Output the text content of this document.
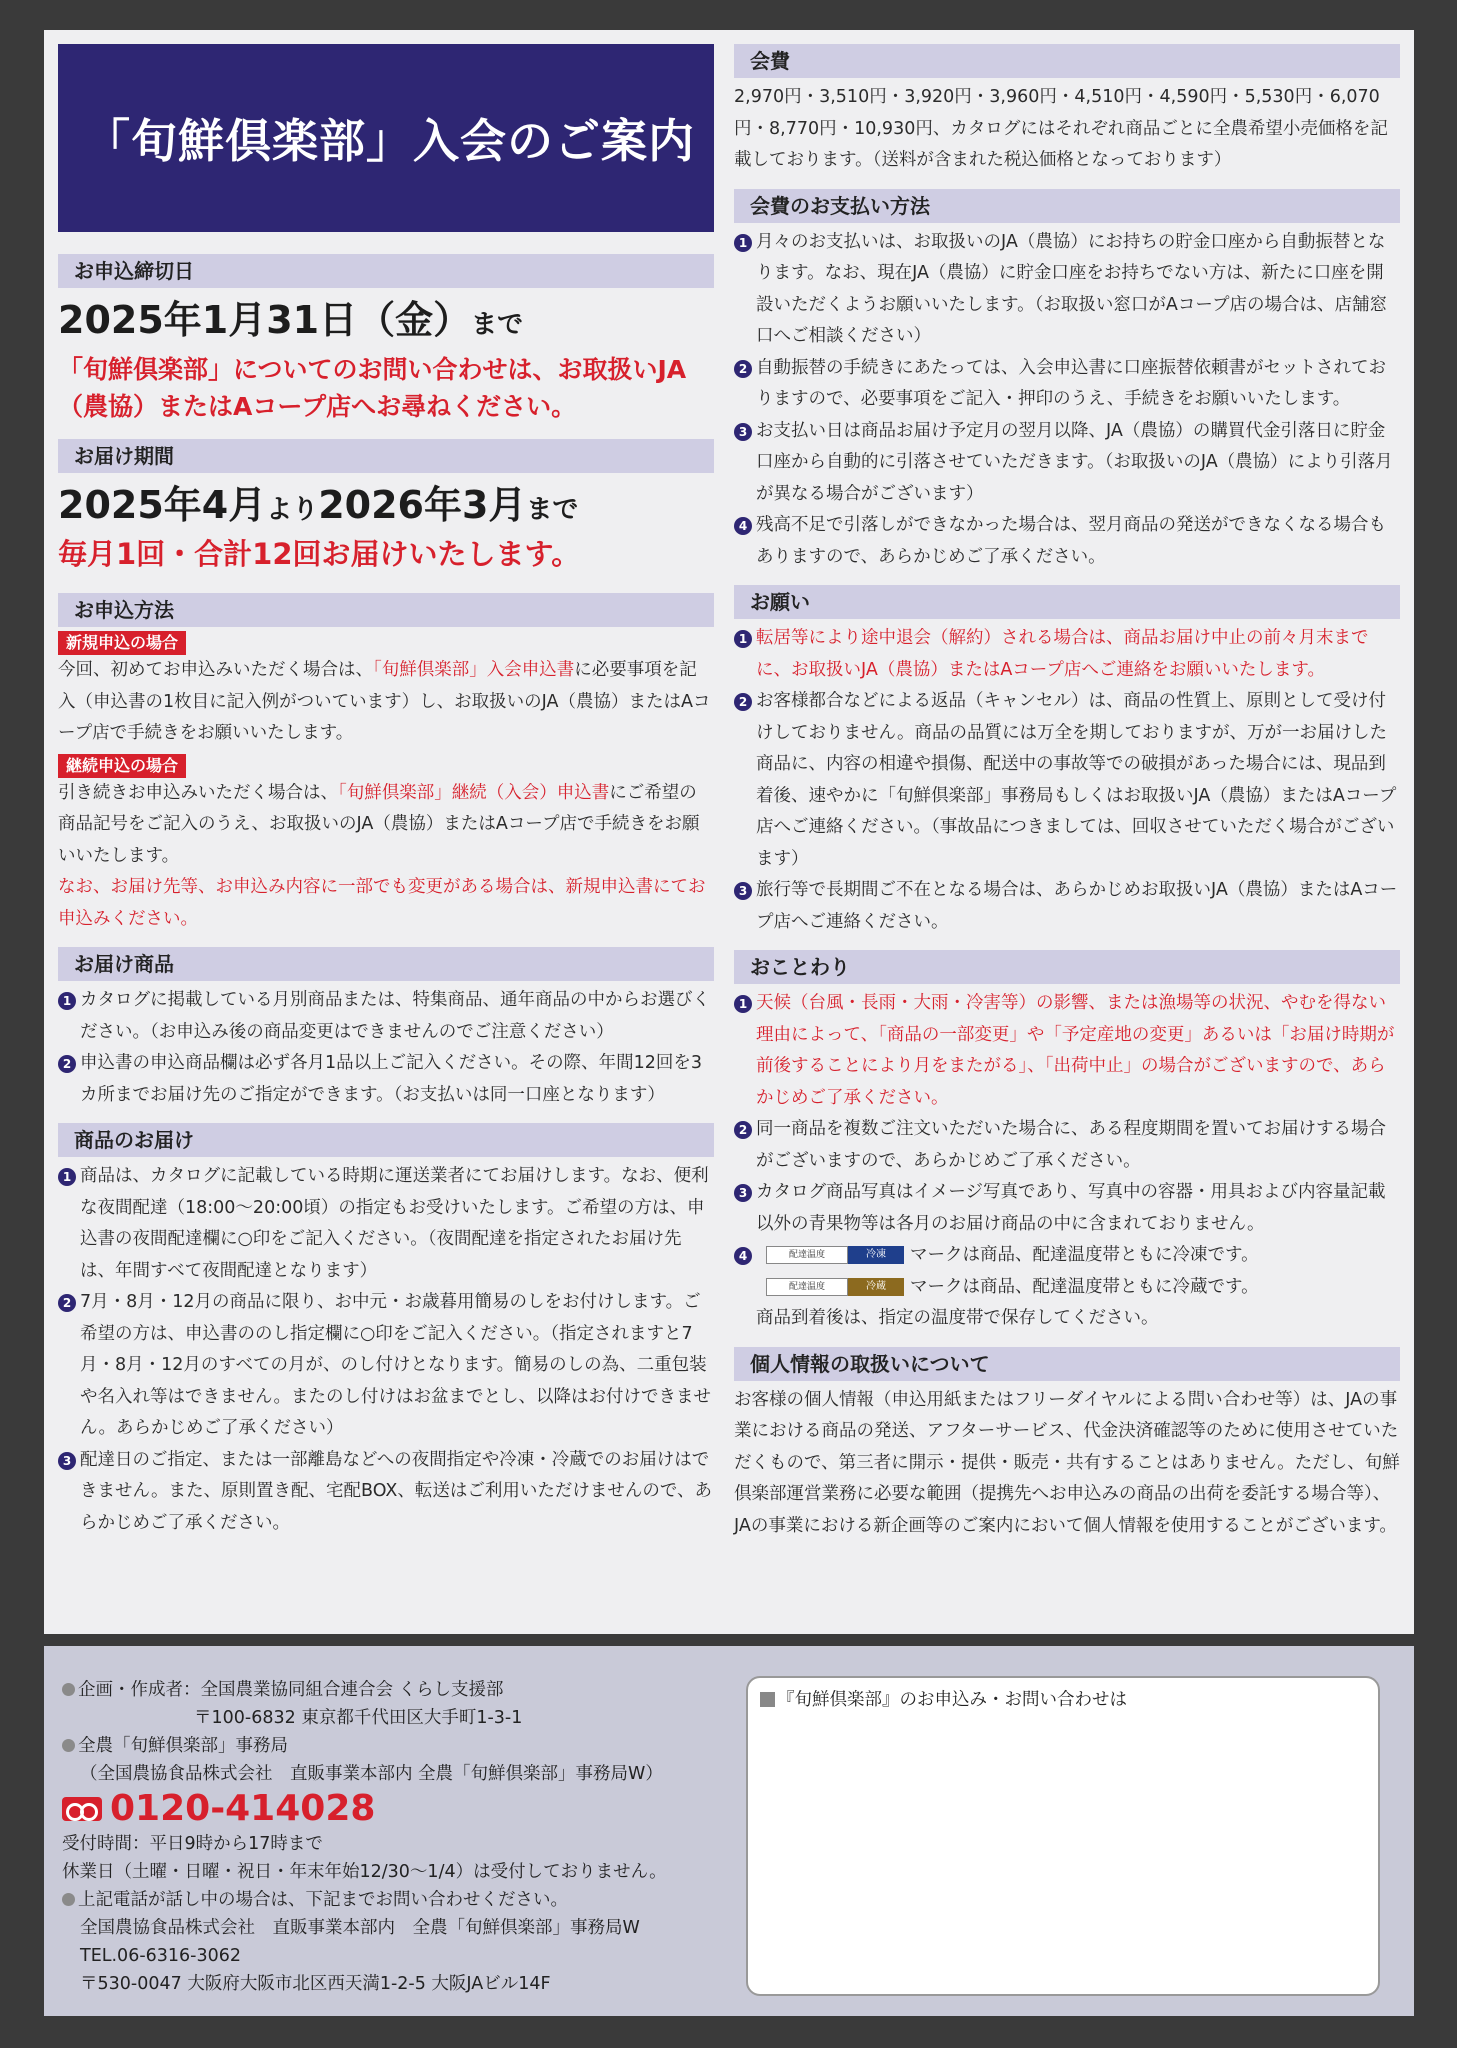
「旬鮮倶楽部」入会のご案内
お申込締切日
2025年1月31日（金）まで
「旬鮮倶楽部」についてのお問い合わせは、お取扱いJA
（農協）またはAコープ店へお尋ねください。
お届け期間
2025年4月より2026年3月まで
毎月1回・合計12回お届けいたします。
お申込方法
新規申込の場合
今回、初めてお申込みいただく場合は、「旬鮮倶楽部」入会申込書に必要事項を記入（申込書の1枚目に記入例がついています）し、お取扱いのJA（農協）またはAコープ店で手続きをお願いいたします。
継続申込の場合
引き続きお申込みいただく場合は、「旬鮮倶楽部」継続（入会）申込書にご希望の商品記号をご記入のうえ、お取扱いのJA（農協）またはAコープ店で手続きをお願いいたします。
なお、お届け先等、お申込み内容に一部でも変更がある場合は、新規申込書にてお申込みください。
お届け商品
1 カタログに掲載している月別商品または、特集商品、通年商品の中からお選びください。（お申込み後の商品変更はできませんのでご注意ください）
2 申込書の申込商品欄は必ず各月1品以上ご記入ください。その際、年間12回を3カ所までお届け先のご指定ができます。（お支払いは同一口座となります）
商品のお届け
1 商品は、カタログに記載している時期に運送業者にてお届けします。なお、便利な夜間配達（18:00〜20:00頃）の指定もお受けいたします。ご希望の方は、申込書の夜間配達欄に○印をご記入ください。（夜間配達を指定されたお届け先は、年間すべて夜間配達となります）
2 7月・8月・12月の商品に限り、お中元・お歳暮用簡易のしをお付けします。ご希望の方は、申込書ののし指定欄に○印をご記入ください。（指定されますと7月・8月・12月のすべての月が、のし付けとなります。簡易のしの為、二重包装や名入れ等はできません。またのし付けはお盆までとし、以降はお付けできません。あらかじめご了承ください）
3 配達日のご指定、または一部離島などへの夜間指定や冷凍・冷蔵でのお届けはできません。また、原則置き配、宅配BOX、転送はご利用いただけませんので、あらかじめご了承ください。
会費
2,970円・3,510円・3,920円・3,960円・4,510円・4,590円・5,530円・6,070円・8,770円・10,930円、カタログにはそれぞれ商品ごとに全農希望小売価格を記載しております。（送料が含まれた税込価格となっております）
会費のお支払い方法
1 月々のお支払いは、お取扱いのJA（農協）にお持ちの貯金口座から自動振替となります。なお、現在JA（農協）に貯金口座をお持ちでない方は、新たに口座を開設いただくようお願いいたします。（お取扱い窓口がAコープ店の場合は、店舗窓口へご相談ください）
2 自動振替の手続きにあたっては、入会申込書に口座振替依頼書がセットされておりますので、必要事項をご記入・押印のうえ、手続きをお願いいたします。
3 お支払い日は商品お届け予定月の翌月以降、JA（農協）の購買代金引落日に貯金口座から自動的に引落させていただきます。（お取扱いのJA（農協）により引落月が異なる場合がございます）
4 残高不足で引落しができなかった場合は、翌月商品の発送ができなくなる場合もありますので、あらかじめご了承ください。
お願い
1 転居等により途中退会（解約）される場合は、商品お届け中止の前々月末までに、お取扱いJA（農協）またはAコープ店へご連絡をお願いいたします。
2 お客様都合などによる返品（キャンセル）は、商品の性質上、原則として受け付けしておりません。商品の品質には万全を期しておりますが、万が一お届けした商品に、内容の相違や損傷、配送中の事故等での破損があった場合には、現品到着後、速やかに「旬鮮倶楽部」事務局もしくはお取扱いJA（農協）またはAコープ店へご連絡ください。（事故品につきましては、回収させていただく場合がございます）
3 旅行等で長期間ご不在となる場合は、あらかじめお取扱いJA（農協）またはAコープ店へご連絡ください。
おことわり
1 天候（台風・長雨・大雨・冷害等）の影響、または漁場等の状況、やむを得ない理由によって、「商品の一部変更」や「予定産地の変更」あるいは「お届け時期が前後することにより月をまたがる」、「出荷中止」の場合がございますので、あらかじめご了承ください。
2 同一商品を複数ご注文いただいた場合に、ある程度期間を置いてお届けする場合がございますので、あらかじめご了承ください。
3 カタログ商品写真はイメージ写真であり、写真中の容器・用具および内容量記載以外の青果物等は各月のお届け商品の中に含まれておりません。
4	配達温度	冷凍	マークは商品、配達温度帯ともに冷凍です。

配達温度	冷蔵	マークは商品、配達温度帯ともに冷蔵です。
商品到着後は、指定の温度帯で保存してください。
個人情報の取扱いについて
お客様の個人情報（申込用紙またはフリーダイヤルによる問い合わせ等）は、JAの事業における商品の発送、アフターサービス、代金決済確認等のために使用させていただくもので、第三者に開示・提供・販売・共有することはありません。ただし、旬鮮倶楽部運営業務に必要な範囲（提携先へお申込みの商品の出荷を委託する場合等）、JAの事業における新企画等のご案内において個人情報を使用することがございます。
企画・作成者：全国農業協同組合連合会 くらし支援部
〒100-6832 東京都千代田区大手町1-3-1
全農「旬鮮倶楽部」事務局
（全国農協食品株式会社　直販事業本部内 全農「旬鮮倶楽部」事務局W）
0120-414028
受付時間：平日9時から17時まで
休業日（土曜・日曜・祝日・年末年始12/30〜1/4）は受付しておりません。
上記電話が話し中の場合は、下記までお問い合わせください。
全国農協食品株式会社　直販事業本部内　全農「旬鮮倶楽部」事務局W
TEL.06-6316-3062
〒530-0047 大阪府大阪市北区西天満1-2-5 大阪JAビル14F
『旬鮮倶楽部』のお申込み・お問い合わせは
